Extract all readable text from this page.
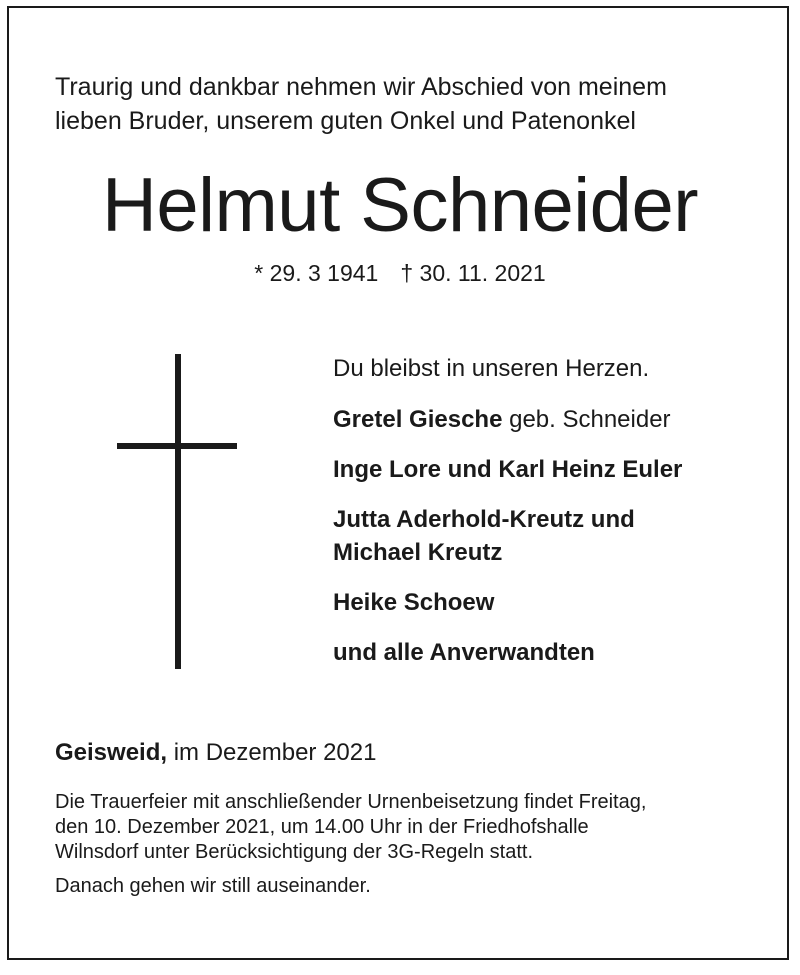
Traurig und dankbar nehmen wir Abschied von meinem
lieben Bruder, unserem guten Onkel und Patenonkel
Helmut Schneider
* 29. 3 1941 † 30. 11. 2021
Du bleibst in unseren Herzen.
Gretel Giesche geb. Schneider
Inge Lore und Karl Heinz Euler
Jutta Aderhold-Kreutz und
Michael Kreutz
Heike Schoew
und alle Anverwandten
Geisweid, im Dezember 2021
Die Trauerfeier mit anschließender Urnenbeisetzung findet Freitag,
den 10. Dezember 2021, um 14.00 Uhr in der Friedhofshalle
Wilnsdorf unter Berücksichtigung der 3G-Regeln statt.
Danach gehen wir still auseinander.
